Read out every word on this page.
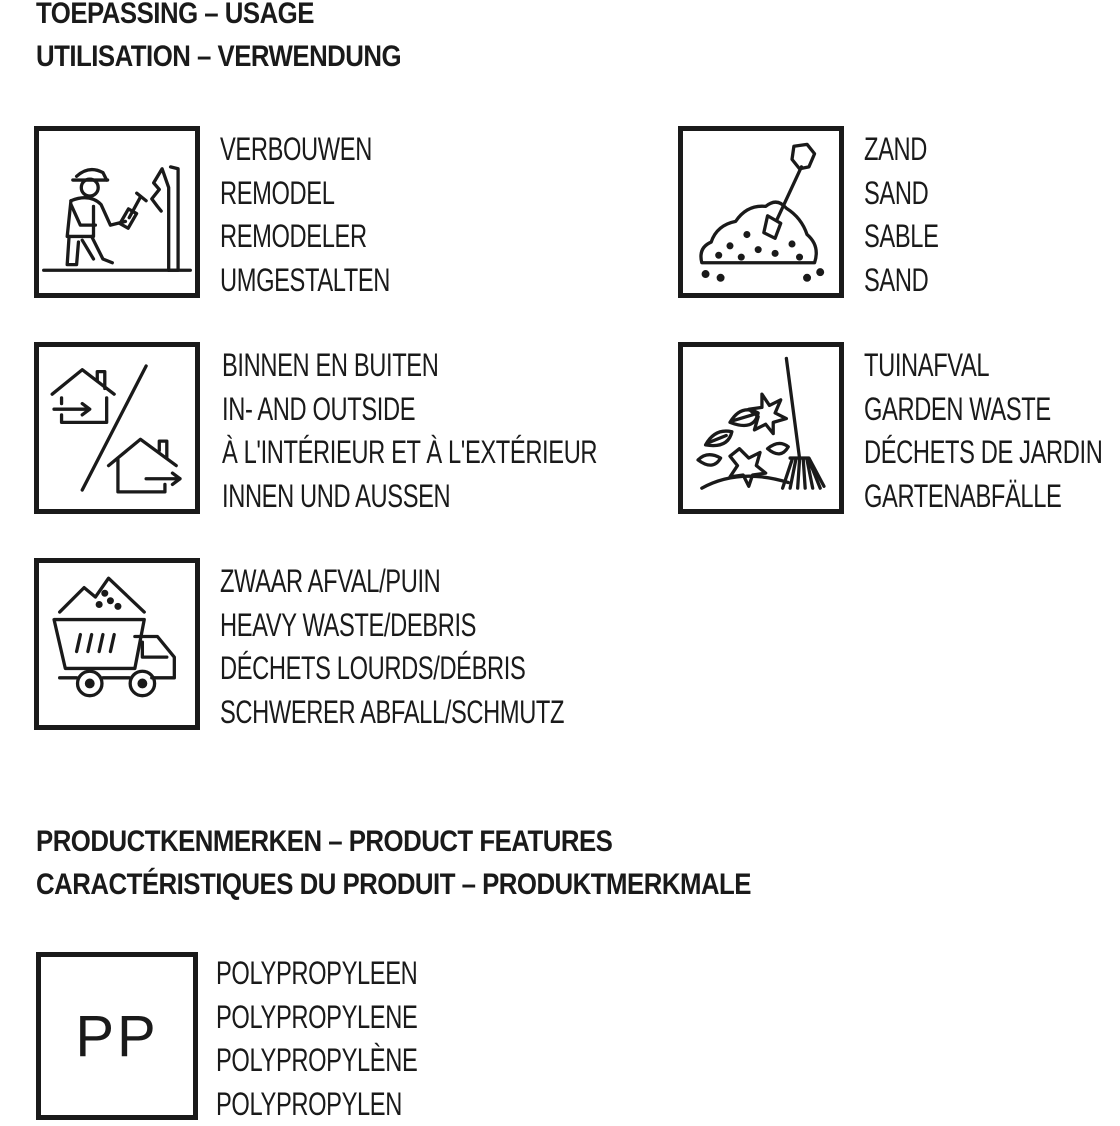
TOEPASSING – USAGE
UTILISATION – VERWENDUNG
VERBOUWEN
REMODEL
REMODELER
UMGESTALTEN
ZAND
SAND
SABLE
SAND
BINNEN EN BUITEN
IN- AND OUTSIDE
À L'INTÉRIEUR ET À L'EXTÉRIEUR
INNEN UND AUSSEN
TUINAFVAL
GARDEN WASTE
DÉCHETS DE JARDIN
GARTENABFÄLLE
ZWAAR AFVAL/PUIN
HEAVY WASTE/DEBRIS
DÉCHETS LOURDS/DÉBRIS
SCHWERER ABFALL/SCHMUTZ
PRODUCTKENMERKEN – PRODUCT FEATURES
CARACTÉRISTIQUES DU PRODUIT – PRODUKTMERKMALE
PP
POLYPROPYLEEN
POLYPROPYLENE
POLYPROPYLÈNE
POLYPROPYLEN
